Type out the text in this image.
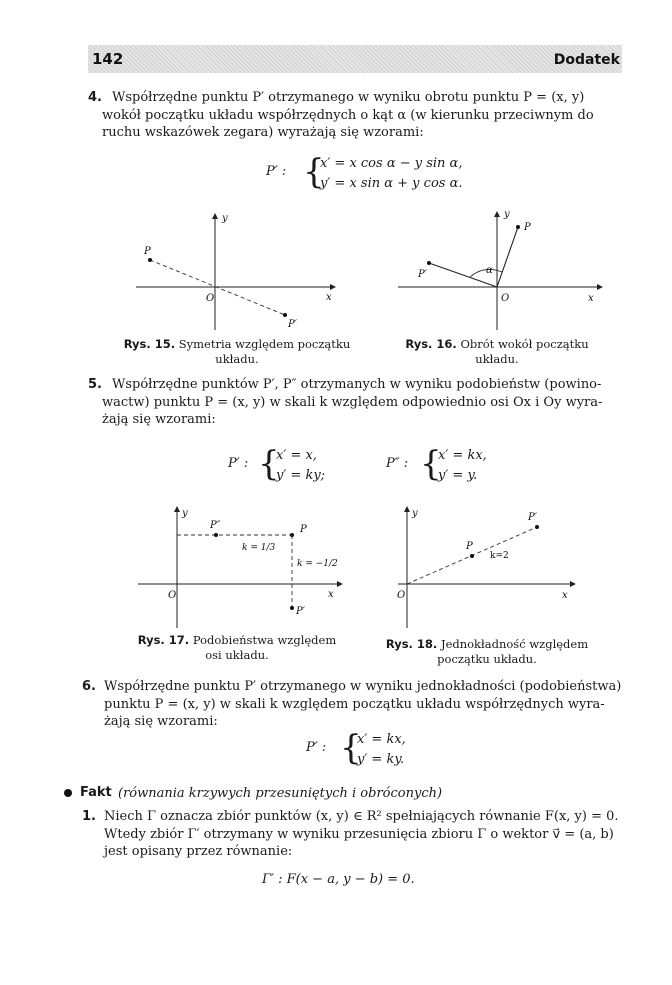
142	Dodatek
4. Współrzędne punktu P′ otrzymanego w wyniku obrotu punktu P = (x, y)
wokół początku układu współrzędnych o kąt α (w kierunku przeciwnym do
ruchu wskazówek zegara) wyrażają się wzorami:
P′ : {
x′ = x cos α − y sin α,
y′ = x sin α + y cos α.
y
x
O
P
P′
Rys. 15. Symetria względem początku
układu.
y
x
O
P
P′	α
Rys. 16. Obrót wokół początku
układu.
5. Współrzędne punktów P′, P″ otrzymanych w wyniku podobieństw (powino-
wactw) punktu P = (x, y) w skali k względem odpowiednio osi Ox i Oy wyra-
żają się wzorami:
P′ : {
x′ = x,
y′ = ky;
P″ : {
x′ = kx,
y′ = y.
y
x
O
P″	P
P′
k = 1/3
k = −1/2
Rys. 17. Podobieństwa względem
osi układu.
y
x
O
P
P′
k=2
Rys. 18. Jednokładność względem
początku układu.
6. Współrzędne punktu P′ otrzymanego w wyniku jednokładności (podobieństwa)
punktu P = (x, y) w skali k względem początku układu współrzędnych wyra-
żają się wzorami:
P′ : {
x′ = kx,
y′ = ky.
Fakt (równania krzywych przesuniętych i obróconych)
1. Niech Γ oznacza zbiór punktów (x, y) ∈ R² spełniających równanie F(x, y) = 0.
Wtedy zbiór Γ′ otrzymany w wyniku przesunięcia zbioru Γ o wektor v⃗ = (a, b)
jest opisany przez równanie:
Γ′ : F(x − a, y − b) = 0.
